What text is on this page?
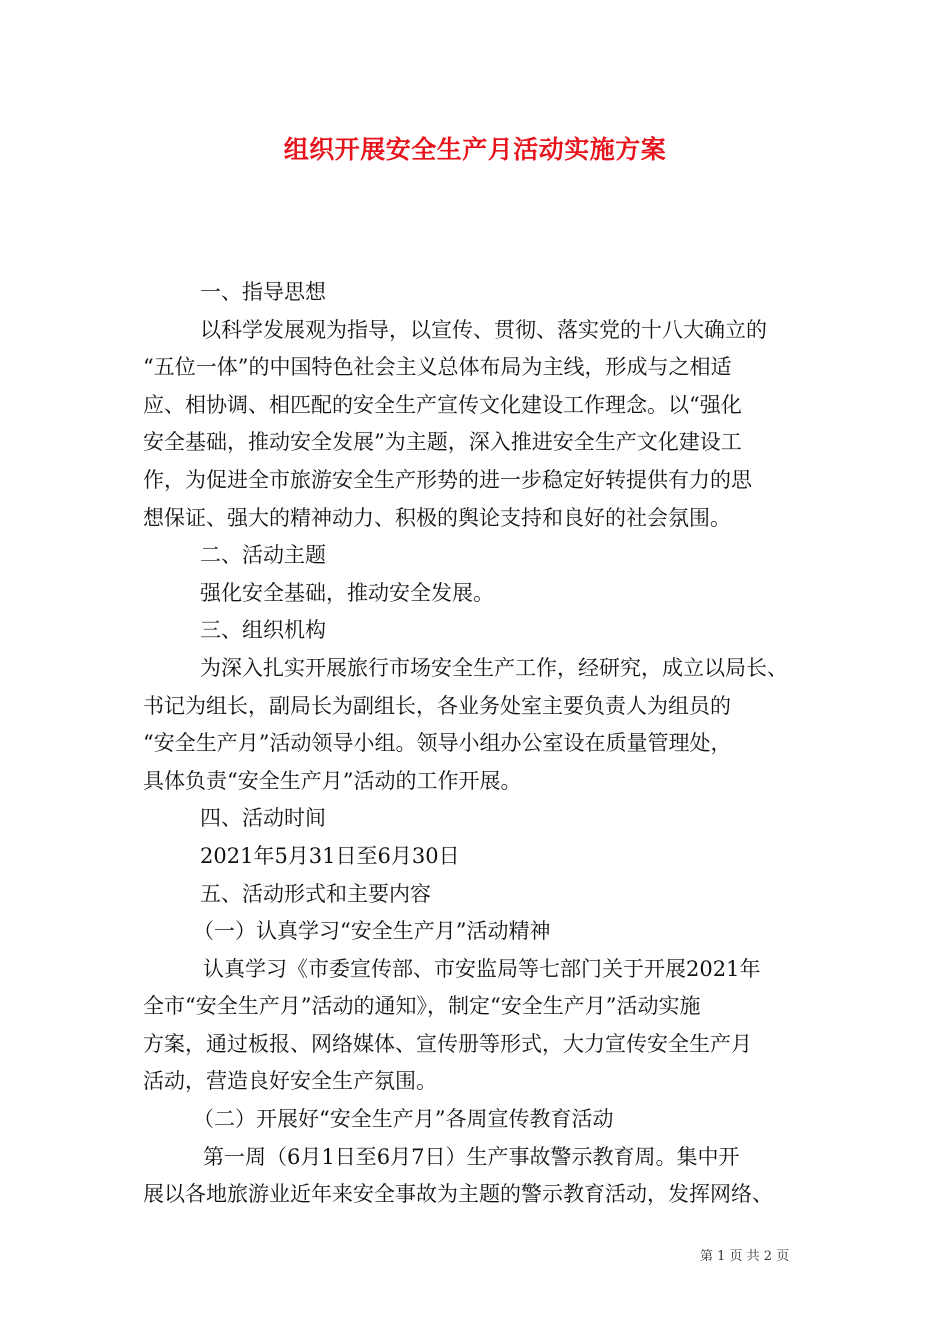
组织开展安全生产月活动实施方案
一、指导思想
以科学发展观为指导，以宣传、贯彻、落实党的十八大确立的
“五位一体”的中国特色社会主义总体布局为主线，形成与之相适
应、相协调、相匹配的安全生产宣传文化建设工作理念。以“强化
安全基础，推动安全发展”为主题，深入推进安全生产文化建设工
作，为促进全市旅游安全生产形势的进一步稳定好转提供有力的思
想保证、强大的精神动力、积极的舆论支持和良好的社会氛围。
二、活动主题
强化安全基础，推动安全发展。
三、组织机构
为深入扎实开展旅行市场安全生产工作，经研究，成立以局长、
书记为组长，副局长为副组长，各业务处室主要负责人为组员的
“安全生产月”活动领导小组。领导小组办公室设在质量管理处，
具体负责“安全生产月”活动的工作开展。
四、活动时间
2021年5月31日至6月30日
五、活动形式和主要内容
（一）认真学习“安全生产月”活动精神
认真学习《市委宣传部、市安监局等七部门关于开展2021年
全市“安全生产月”活动的通知》，制定“安全生产月”活动实施
方案，通过板报、网络媒体、宣传册等形式，大力宣传安全生产月
活动，营造良好安全生产氛围。
（二）开展好“安全生产月”各周宣传教育活动
第一周（6月1日至6月7日）生产事故警示教育周。集中开
展以各地旅游业近年来安全事故为主题的警示教育活动，发挥网络、
第 1 页 共 2 页
